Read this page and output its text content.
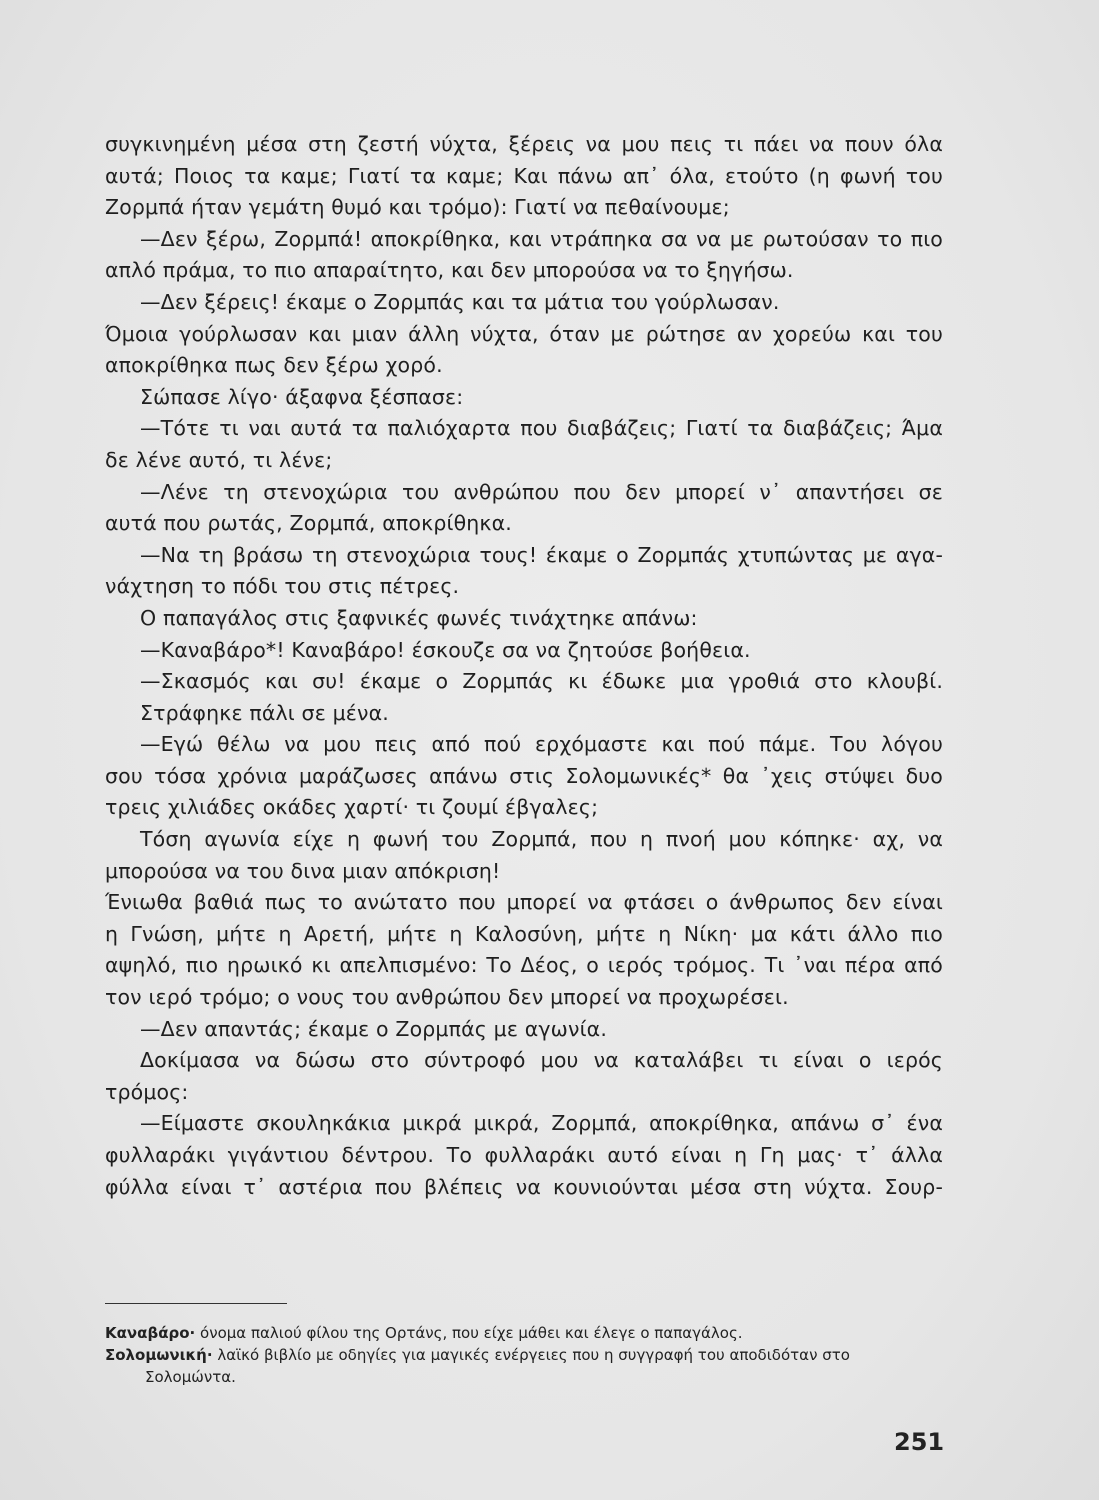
συγκινημένη μέσα στη ζεστή νύχτα, ξέρεις να μου πεις τι πάει να πουν όλα
αυτά; Ποιος τα καμε; Γιατί τα καμε; Και πάνω απ᾽ όλα, ετούτο (η φωνή του
Ζορμπά ήταν γεμάτη θυμό και τρόμο): Γιατί να πεθαίνουμε;
—Δεν ξέρω, Ζορμπά! αποκρίθηκα, και ντράπηκα σα να με ρωτούσαν το πιο
απλό πράμα, το πιο απαραίτητο, και δεν μπορούσα να το ξηγήσω.
—Δεν ξέρεις! έκαμε ο Ζορμπάς και τα μάτια του γούρλωσαν.
Όμοια γούρλωσαν και μιαν άλλη νύχτα, όταν με ρώτησε αν χορεύω και του
αποκρίθηκα πως δεν ξέρω χορό.
Σώπασε λίγο· άξαφνα ξέσπασε:
—Τότε τι ναι αυτά τα παλιόχαρτα που διαβάζεις; Γιατί τα διαβάζεις; Άμα
δε λένε αυτό, τι λένε;
—Λένε τη στενοχώρια του ανθρώπου που δεν μπορεί ν᾽ απαντήσει σε
αυτά που ρωτάς, Ζορμπά, αποκρίθηκα.
—Να τη βράσω τη στενοχώρια τους! έκαμε ο Ζορμπάς χτυπώντας με αγα-
νάχτηση το πόδι του στις πέτρες.
Ο παπαγάλος στις ξαφνικές φωνές τινάχτηκε απάνω:
—Καναβάρο*! Καναβάρο! έσκουζε σα να ζητούσε βοήθεια.
—Σκασμός και συ! έκαμε ο Ζορμπάς κι έδωκε μια γροθιά στο κλουβί.
Στράφηκε πάλι σε μένα.
—Εγώ θέλω να μου πεις από πού ερχόμαστε και πού πάμε. Του λόγου
σου τόσα χρόνια μαράζωσες απάνω στις Σολομωνικές* θα ᾽χεις στύψει δυο
τρεις χιλιάδες οκάδες χαρτί· τι ζουμί έβγαλες;
Τόση αγωνία είχε η φωνή του Ζορμπά, που η πνοή μου κόπηκε· αχ, να
μπορούσα να του δινα μιαν απόκριση!
Ένιωθα βαθιά πως το ανώτατο που μπορεί να φτάσει ο άνθρωπος δεν είναι
η Γνώση, μήτε η Αρετή, μήτε η Καλοσύνη, μήτε η Νίκη· μα κάτι άλλο πιο
αψηλό, πιο ηρωικό κι απελπισμένο: Το Δέος, ο ιερός τρόμος. Τι ᾽ναι πέρα από
τον ιερό τρόμο; ο νους του ανθρώπου δεν μπορεί να προχωρέσει.
—Δεν απαντάς; έκαμε ο Ζορμπάς με αγωνία.
Δοκίμασα να δώσω στο σύντροφό μου να καταλάβει τι είναι ο ιερός
τρόμος:
—Είμαστε σκουληκάκια μικρά μικρά, Ζορμπά, αποκρίθηκα, απάνω σ᾽ ένα
φυλλαράκι γιγάντιου δέντρου. Το φυλλαράκι αυτό είναι η Γη μας· τ᾽ άλλα
φύλλα είναι τ᾽ αστέρια που βλέπεις να κουνιούνται μέσα στη νύχτα. Σουρ-
Καναβάρο· όνομα παλιού φίλου της Ορτάνς, που είχε μάθει και έλεγε ο παπαγάλος.
Σολομωνική· λαϊκό βιβλίο με οδηγίες για μαγικές ενέργειες που η συγγραφή του αποδιδόταν στο
Σολομώντα.
251
